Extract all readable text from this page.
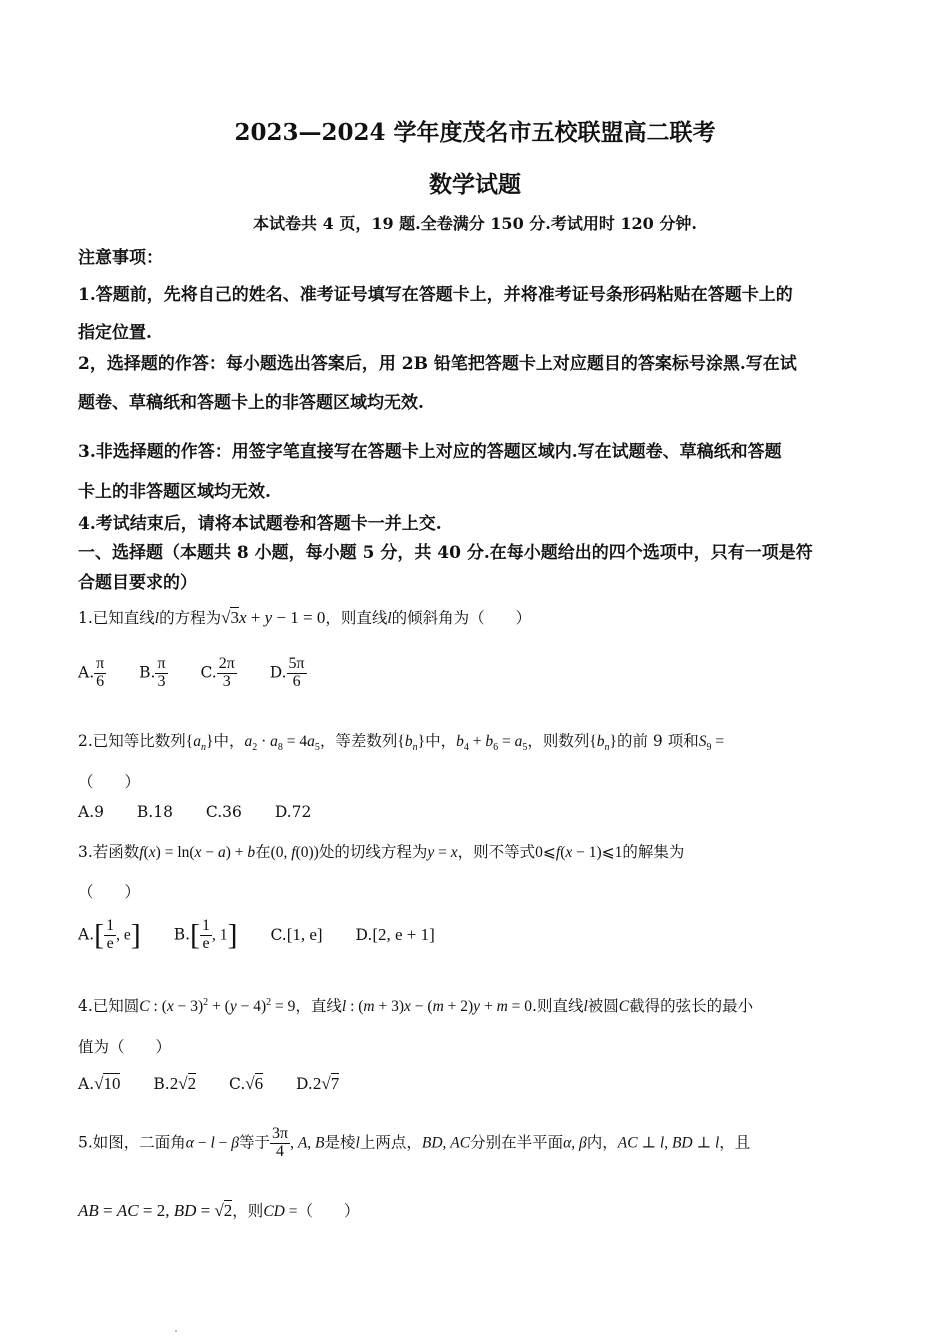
2023—2024 学年度茂名市五校联盟高二联考
数学试题
本试卷共 4 页，19 题.全卷满分 150 分.考试用时 120 分钟.
注意事项：
1.答题前，先将自己的姓名、准考证号填写在答题卡上，并将准考证号条形码粘贴在答题卡上的
指定位置.
2，选择题的作答：每小题选出答案后，用 2B 铅笔把答题卡上对应题目的答案标号涂黑.写在试
题卷、草稿纸和答题卡上的非答题区域均无效.
3.非选择题的作答：用签字笔直接写在答题卡上对应的答题区域内.写在试题卷、草稿纸和答题
卡上的非答题区域均无效.
4.考试结束后，请将本试题卷和答题卡一并上交.
一、选择题（本题共 8 小题，每小题 5 分，共 40 分.在每小题给出的四个选项中，只有一项是符
合题目要求的）
1.已知直线l的方程为√3x + y − 1 = 0，则直线l的倾斜角为（　　）
A. $\frac{\pi}{6} B$. $\frac{\pi}{3} C$. $\frac{2\pi}{3} D$. $\frac{5\pi}{6}$
2.已知等比数列$\{a_n\}$中，$a_2 \cdot a_8 = 4a_5$，等差数列$\{b_n\}$中，$b_4 + b_6 = a_5$，则数列$\{b_n\}$的前 9 项和$S_9$ =
（　　）
A.9 B.18 C.36 D.72
3.若函数f(x) = ln(x − a) + b在(0, f(0))处的切线方程为y = x，则不等式0⩽f(x − 1)⩽1的解集为
（　　）
$A.[ \frac{1}{e}$ , e] $B.[ \frac{1}{e}$ , 1] C.[1, e] D.[2, e + 1]
4.已知圆C : $(x - 3)^2 + (y - 4)^2 = 9$，直线l : (m + 3)x − (m + 2)y + m = 0.则直线l被圆C截得的弦长的最小
值为（　　）
A.√10 B.2√2 C.√6 D.2√7
5.如图，二面角α − l − β等于 $\frac{3\pi}{4}$ , A, B是棱l上两点，BD, AC分别在半平面α, β内，AC ⊥ l, BD ⊥ l，且
AB = AC = 2, BD = √2，则CD =（　　）
